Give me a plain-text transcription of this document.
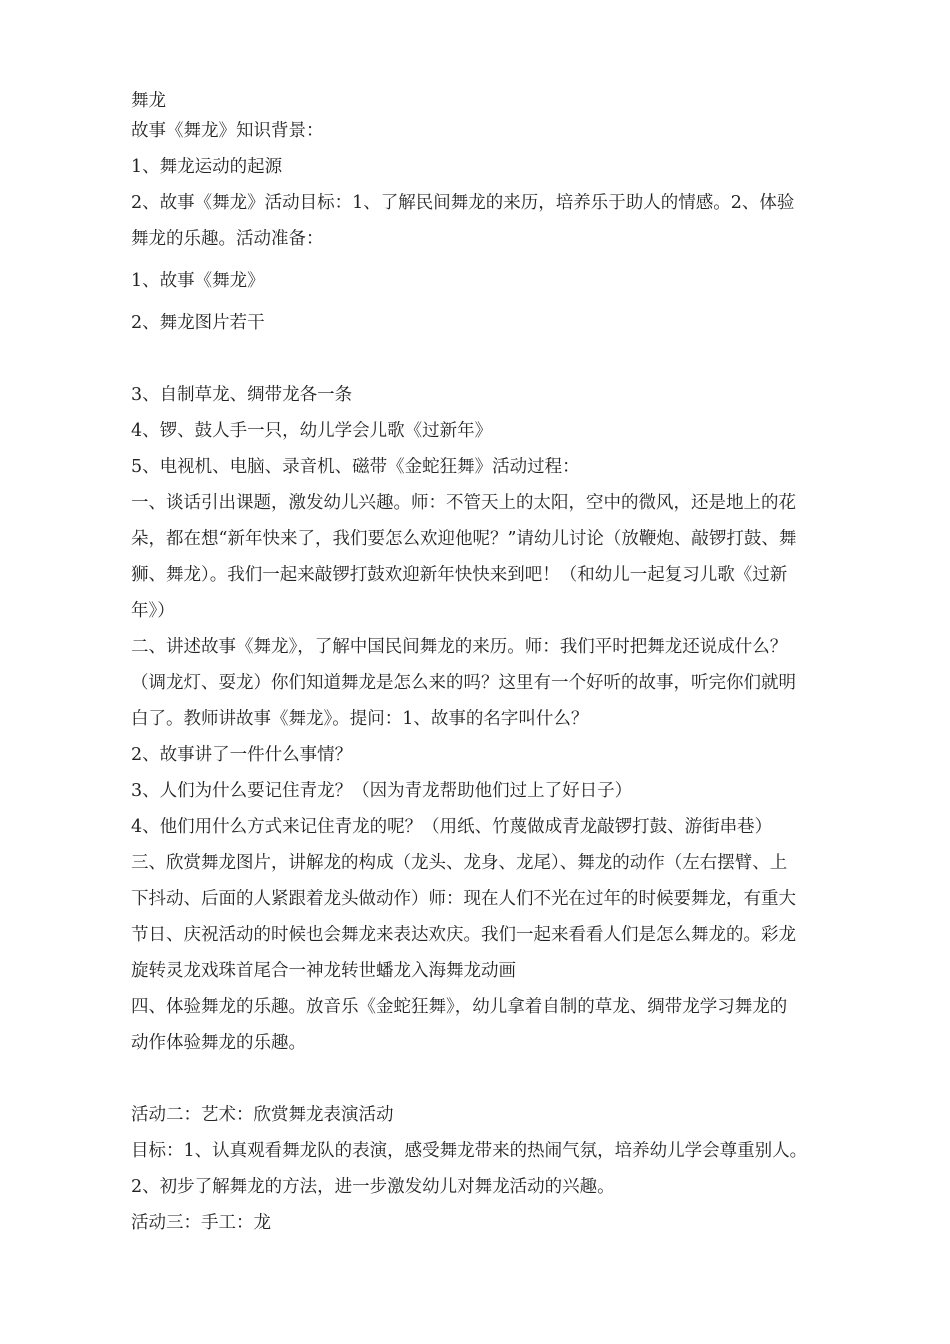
舞龙
故事《舞龙》知识背景：
1、舞龙运动的起源
2、故事《舞龙》活动目标：1、了解民间舞龙的来历，培养乐于助人的情感。2、体验
舞龙的乐趣。活动准备：
1、故事《舞龙》
2、舞龙图片若干
3、自制草龙、绸带龙各一条
4、锣、鼓人手一只，幼儿学会儿歌《过新年》
5、电视机、电脑、录音机、磁带《金蛇狂舞》活动过程：
一、谈话引出课题，激发幼儿兴趣。师：不管天上的太阳，空中的微风，还是地上的花
朵，都在想“新年快来了，我们要怎么欢迎他呢？”请幼儿讨论（放鞭炮、敲锣打鼓、舞
狮、舞龙）。我们一起来敲锣打鼓欢迎新年快快来到吧！（和幼儿一起复习儿歌《过新
年》）
二、讲述故事《舞龙》，了解中国民间舞龙的来历。师：我们平时把舞龙还说成什么？
（调龙灯、耍龙）你们知道舞龙是怎么来的吗？这里有一个好听的故事，听完你们就明
白了。教师讲故事《舞龙》。提问：1、故事的名字叫什么？
2、故事讲了一件什么事情？
3、人们为什么要记住青龙？（因为青龙帮助他们过上了好日子）
4、他们用什么方式来记住青龙的呢？（用纸、竹蔑做成青龙敲锣打鼓、游街串巷）
三、欣赏舞龙图片，讲解龙的构成（龙头、龙身、龙尾）、舞龙的动作（左右摆臂、上
下抖动、后面的人紧跟着龙头做动作）师：现在人们不光在过年的时候要舞龙，有重大
节日、庆祝活动的时候也会舞龙来表达欢庆。我们一起来看看人们是怎么舞龙的。彩龙
旋转灵龙戏珠首尾合一神龙转世蟠龙入海舞龙动画
四、体验舞龙的乐趣。放音乐《金蛇狂舞》，幼儿拿着自制的草龙、绸带龙学习舞龙的
动作体验舞龙的乐趣。
活动二：艺术：欣赏舞龙表演活动
目标：1、认真观看舞龙队的表演，感受舞龙带来的热闹气氛，培养幼儿学会尊重别人。
2、初步了解舞龙的方法，进一步激发幼儿对舞龙活动的兴趣。
活动三：手工：龙
